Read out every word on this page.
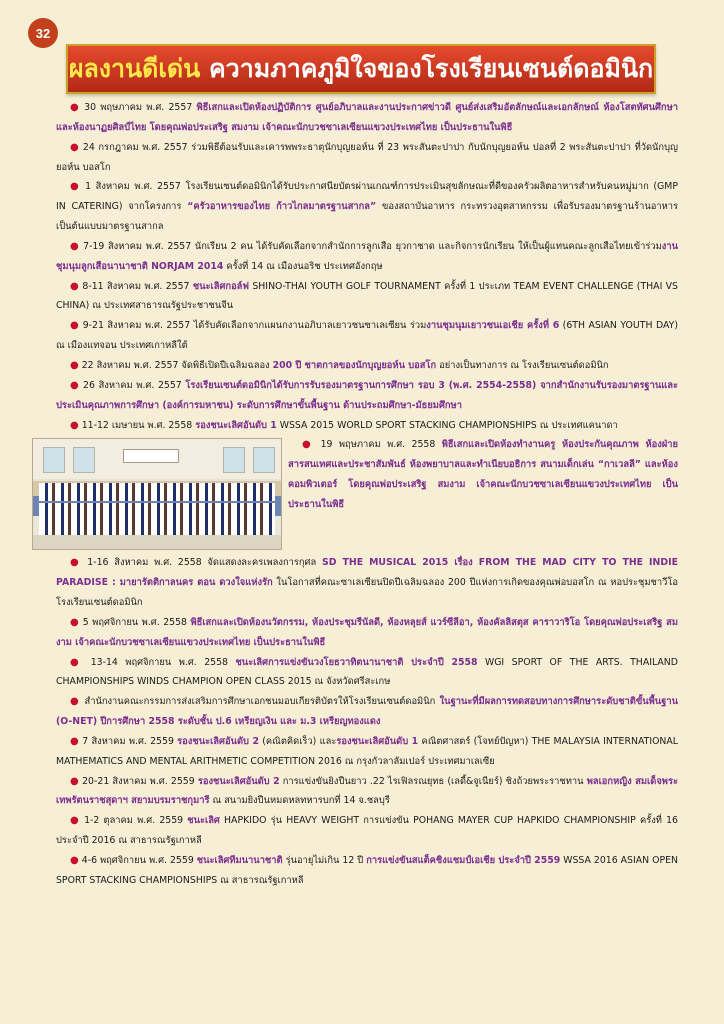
32
ผลงานดีเด่น ความภาคภูมิใจของโรงเรียนเซนต์ดอมินิก

● 30 พฤษภาคม พ.ศ. 2557 พิธีเสกและเปิดห้องปฏิบัติการ ศูนย์อภิบาลและงานประกาศข่าวดี ศูนย์ส่งเสริมอัตลักษณ์และเอกลักษณ์ ห้องโสตทัศนศึกษา และห้องนาฏยศิลป์ไทย โดยคุณพ่อประเสริฐ สมงาม เจ้าคณะนักบวชซาเลเซียนแขวงประเทศไทย เป็นประธานในพิธี

● 24 กรกฎาคม พ.ศ. 2557 ร่วมพิธีต้อนรับและเคารพพระธาตุนักบุญยอห์น ที่ 23 พระสันตะปาปา กับนักบุญยอห์น ปอลที่ 2 พระสันตะปาปา ที่วัดนักบุญยอห์น บอสโก

● 1 สิงหาคม พ.ศ. 2557 โรงเรียนเซนต์ดอมินิกได้รับประกาศนียบัตรผ่านเกณฑ์การประเมินสุขลักษณะที่ดีของครัวผลิตอาหารสำหรับคนหมู่มาก (GMP IN CATERING) จากโครงการ “ครัวอาหารของไทย ก้าวไกลมาตรฐานสากล” ของสถาบันอาหาร กระทรวงอุตสาหกรรม เพื่อรับรองมาตรฐานร้านอาหาร เป็นต้นแบบมาตรฐานสากล

● 7-19 สิงหาคม พ.ศ. 2557 นักเรียน 2 คน ได้รับคัดเลือกจากสำนักการลูกเสือ ยุวกาชาด และกิจการนักเรียน ให้เป็นผู้แทนคณะลูกเสือไทยเข้าร่วมงานชุมนุมลูกเสือนานาชาติ NORJAM 2014 ครั้งที่ 14 ณ เมืองนอริช ประเทศอังกฤษ

● 8-11 สิงหาคม พ.ศ. 2557 ชนะเลิศกอล์ฟ SHINO-THAI YOUTH GOLF TOURNAMENT ครั้งที่ 1 ประเภท TEAM EVENT CHALLENGE (THAI VS CHINA) ณ ประเทศสาธารณรัฐประชาชนจีน

● 9-21 สิงหาคม พ.ศ. 2557 ได้รับคัดเลือกจากแผนกงานอภิบาลเยาวชนซาเลเซียน ร่วมงานชุมนุมเยาวชนเอเชีย ครั้งที่ 6 (6TH ASIAN YOUTH DAY) ณ เมืองแทจอน ประเทศเกาหลีใต้

● 22 สิงหาคม พ.ศ. 2557 จัดพิธีเปิดปีเฉลิมฉลอง 200 ปี ชาตกาลของนักบุญยอห์น บอสโก อย่างเป็นทางการ ณ โรงเรียนเซนต์ดอมินิก

● 26 สิงหาคม พ.ศ. 2557 โรงเรียนเซนต์ดอมินิกได้รับการรับรองมาตรฐานการศึกษา รอบ 3 (พ.ศ. 2554-2558) จากสำนักงานรับรองมาตรฐานและประเมินคุณภาพการศึกษา (องค์การมหาชน) ระดับการศึกษาขั้นพื้นฐาน ด้านประถมศึกษา-มัธยมศึกษา

● 11-12 เมษายน พ.ศ. 2558 รองชนะเลิศอันดับ 1 WSSA 2015 WORLD SPORT STACKING CHAMPIONSHIPS ณ ประเทศแคนาดา

● 19 พฤษภาคม พ.ศ. 2558 พิธีเสกและเปิดห้องทำงานครู ห้องประกันคุณภาพ ห้องฝ่ายสารสนเทศและประชาสัมพันธ์ ห้องพยาบาลและทำเนียบอธิการ สนามเด็กเล่น “กาเวลลี” และห้องคอมพิวเตอร์ โดยคุณพ่อประเสริฐ สมงาม เจ้าคณะนักบวชซาเลเซียนแขวงประเทศไทย เป็นประธานในพิธี

● 1-16 สิงหาคม พ.ศ. 2558 จัดแสดงละครเพลงการกุศล SD THE MUSICAL 2015 เรื่อง FROM THE MAD CITY TO THE INDIE PARADISE : มายารัตติกาลนคร ตอน ดวงใจแห่งรัก ในโอกาสที่คณะซาเลเซียนปิดปีเฉลิมฉลอง 200 ปีแห่งการเกิดของคุณพ่อบอสโก ณ หอประชุมชาวีโอ โรงเรียนเซนต์ดอมินิก

● 5 พฤศจิกายน พ.ศ. 2558 พิธีเสกและเปิดห้องนวัตกรรม, ห้องประชุมรีนัลดี, ห้องหลุยส์ แวร์ซีลีอา, ห้องคัลลิสตุส คาราวาริโอ โดยคุณพ่อประเสริฐ สมงาม เจ้าคณะนักบวชซาเลเซียนแขวงประเทศไทย เป็นประธานในพิธี

● 13-14 พฤศจิกายน พ.ศ. 2558 ชนะเลิศการแข่งขันวงโยธวาทิตนานาชาติ ประจำปี 2558 WGI SPORT OF THE ARTS. THAILAND CHAMPIONSHIPS WINDS CHAMPION OPEN CLASS 2015 ณ จังหวัดศรีสะเกษ

● สำนักงานคณะกรรมการส่งเสริมการศึกษาเอกชนมอบเกียรติบัตรให้โรงเรียนเซนต์ดอมินิก ในฐานะที่มีผลการทดสอบทางการศึกษาระดับชาติขั้นพื้นฐาน (O-NET) ปีการศึกษา 2558 ระดับชั้น ป.6 เหรียญเงิน และ ม.3 เหรียญทองแดง

● 7 สิงหาคม พ.ศ. 2559 รองชนะเลิศอันดับ 2 (คณิตคิดเร็ว) และรองชนะเลิศอันดับ 1 คณิตศาสตร์ (โจทย์ปัญหา) THE MALAYSIA INTERNATIONAL MATHEMATICS AND MENTAL ARITHMETIC COMPETITION 2016 ณ กรุงกัวลาลัมเปอร์ ประเทศมาเลเซีย

● 20-21 สิงหาคม พ.ศ. 2559 รองชนะเลิศอันดับ 2 การแข่งขันยิงปืนยาว .22 ไรเฟิลรณยุทธ (เลดี้&จูเนียร์) ชิงถ้วยพระราชทาน พลเอกหญิง สมเด็จพระเทพรัตนราชสุดาฯ สยามบรมราชกุมารี ณ สนามยิงปืนหมดหลทหารบกที่ 14 จ.ชลบุรี

● 1-2 ตุลาคม พ.ศ. 2559 ชนะเลิศ HAPKIDO รุ่น HEAVY WEIGHT การแข่งขัน POHANG MAYER CUP HAPKIDO CHAMPIONSHIP ครั้งที่ 16 ประจำปี 2016 ณ สาธารณรัฐเกาหลี

● 4-6 พฤศจิกายน พ.ศ. 2559 ชนะเลิศทีมนานาชาติ รุ่นอายุไม่เกิน 12 ปี การแข่งขันสแต็คชิงแชมป์เอเชีย ประจำปี 2559 WSSA 2016 ASIAN OPEN SPORT STACKING CHAMPIONSHIPS ณ สาธารณรัฐเกาหลี
